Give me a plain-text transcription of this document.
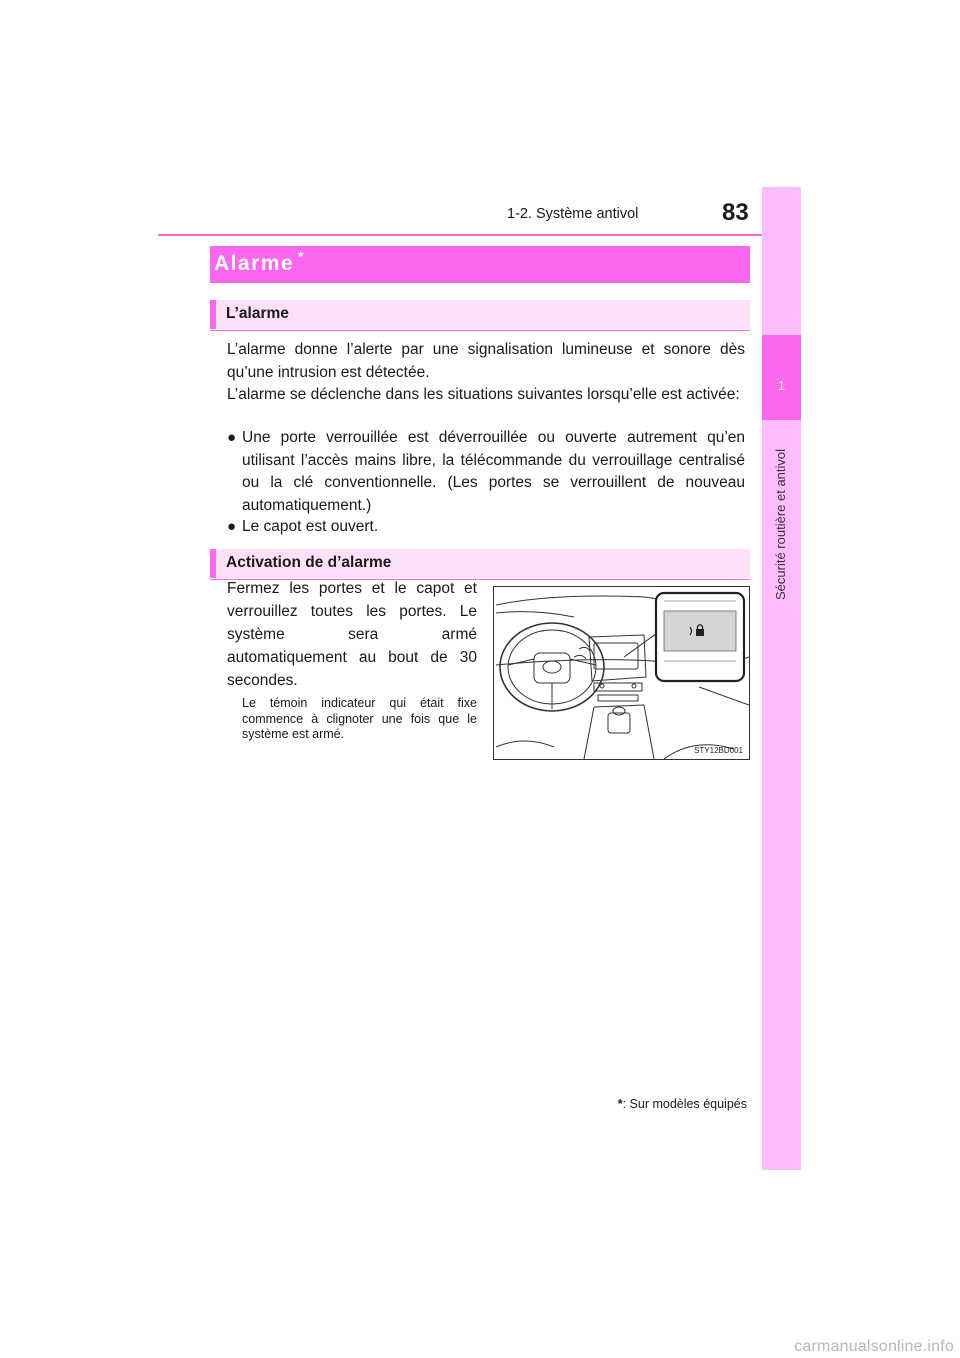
1-2. Système antivol	83
1
Sécurité routière et antivol
Alarme *
L’alarme

L’alarme donne l’alerte par une signalisation lumineuse et sonore dès qu’une intrusion est détectée.

L’alarme se déclenche dans les situations suivantes lorsqu’elle est activée:

● Une porte verrouillée est déverrouillée ou ouverte autrement qu’en utilisant l’accès mains libre, la télécommande du verrouillage centralisé ou la clé conventionnelle. (Les portes se verrouillent de nouveau automatiquement.)
● Le capot est ouvert.
Activation de d’alarme

Fermez les portes et le capot et verrouillez toutes les portes. Le système sera armé automatiquement au bout de 30 secondes.

Le témoin indicateur qui était fixe commence à clignoter une fois que le système est armé.

STY12BD001
*: Sur modèles équipés
carmanualsonline.info
